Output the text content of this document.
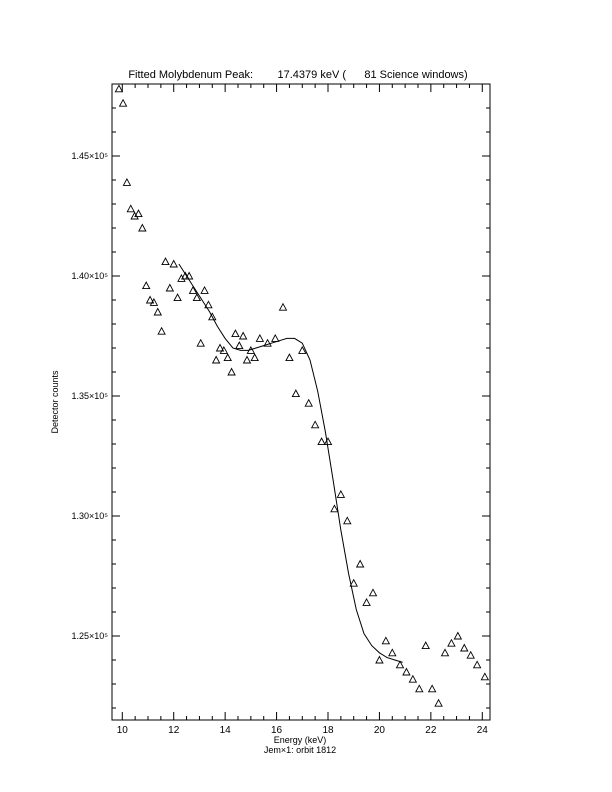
Fitted Molybdenum Peak:        17.4379 keV (      81 Science windows)
10	12	14	16	18	20	22	24
1.25×10⁵
1.30×10⁵
1.35×10⁵
1.40×10⁵
1.45×10⁵
Energy (keV)
Jem×1: orbit 1812
Detector counts
